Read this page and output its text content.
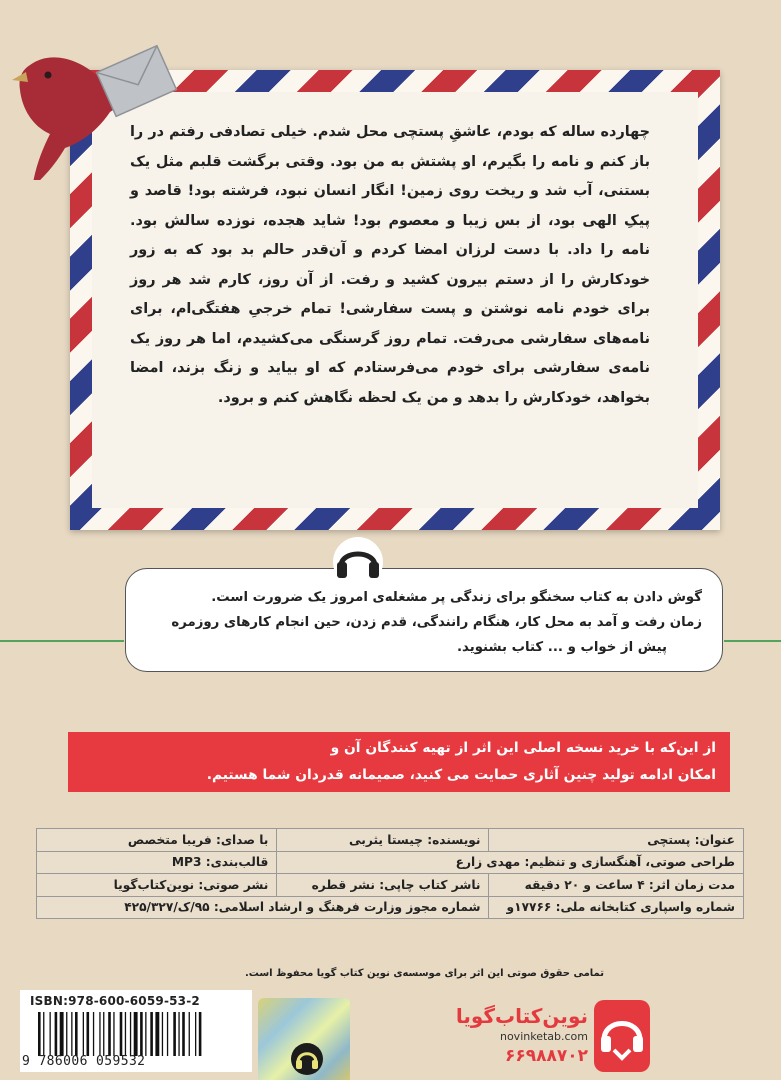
چهارده ساله که بودم، عاشقِ پستچی محل شدم. خیلی تصادفی رفتم در را باز کنم و نامه را بگیرم، او پشتش به من بود. وقتی برگشت قلبم مثل یک بستنی، آب شد و ریخت روی زمین! انگار انسان نبود، فرشته بود! قاصد و پیکِ الهی بود، از بس زیبا و معصوم بود! شاید هجده، نوزده سالش بود. نامه را داد. با دست لرزان امضا کردم و آن‌قدر حالم بد بود که به زور خودکارش را از دستم بیرون کشید و رفت. از آن روز، کارم شد هر روز برای خودم نامه نوشتن و پست سفارشی! تمام خرجیِ هفتگی‌ام، برای نامه‌های سفارشی می‌رفت. تمام روز گرسنگی می‌کشیدم، اما هر روز یک نامه‌ی سفارشی برای خودم می‌فرستادم که او بیاید و زنگ بزند، امضا بخواهد، خودکارش را بدهد و من یک لحظه نگاهش کنم و برود.

گوش دادن به کتاب سخنگو برای زندگی پر مشغله‌ی امروز یک ضرورت است.

زمان رفت و آمد به محل کار، هنگام رانندگی، قدم زدن، حین انجام کارهای روزمره

پیش از خواب و ... کتاب بشنوید.

از این‌که با خرید نسخه اصلی این اثر از تهیه کنندگان آن و

امکان ادامه تولید چنین آثاری حمایت می کنید، صمیمانه قدردان شما هستیم.

عنوان: پستچی	نویسنده: چیستا یثربی	با صدای: فریبا متخصص
طراحی صوتی، آهنگسازی و تنظیم: مهدی زارع		قالب‌بندی: MP3
مدت زمان اثر: ۴ ساعت و ۲۰ دقیقه	ناشر کتاب چاپی: نشر قطره	نشر صوتی: نوین‌کتاب‌گویا
شماره واسپاری کتابخانه ملی: ۱۷۷۶۶و	شماره مجوز وزارت فرهنگ و ارشاد اسلامی: ۹۵/ک/۴۲۵/۳۲۷	
تمامی حقوق صوتی این اثر برای موسسه‌ی نوین کتاب گویا محفوظ است.
ISBN:978-600-6059-53-2
9 786006 059532
نوین‌کتاب‌گویا
novinketab.com
۶۶۹۸۸۷۰۲
